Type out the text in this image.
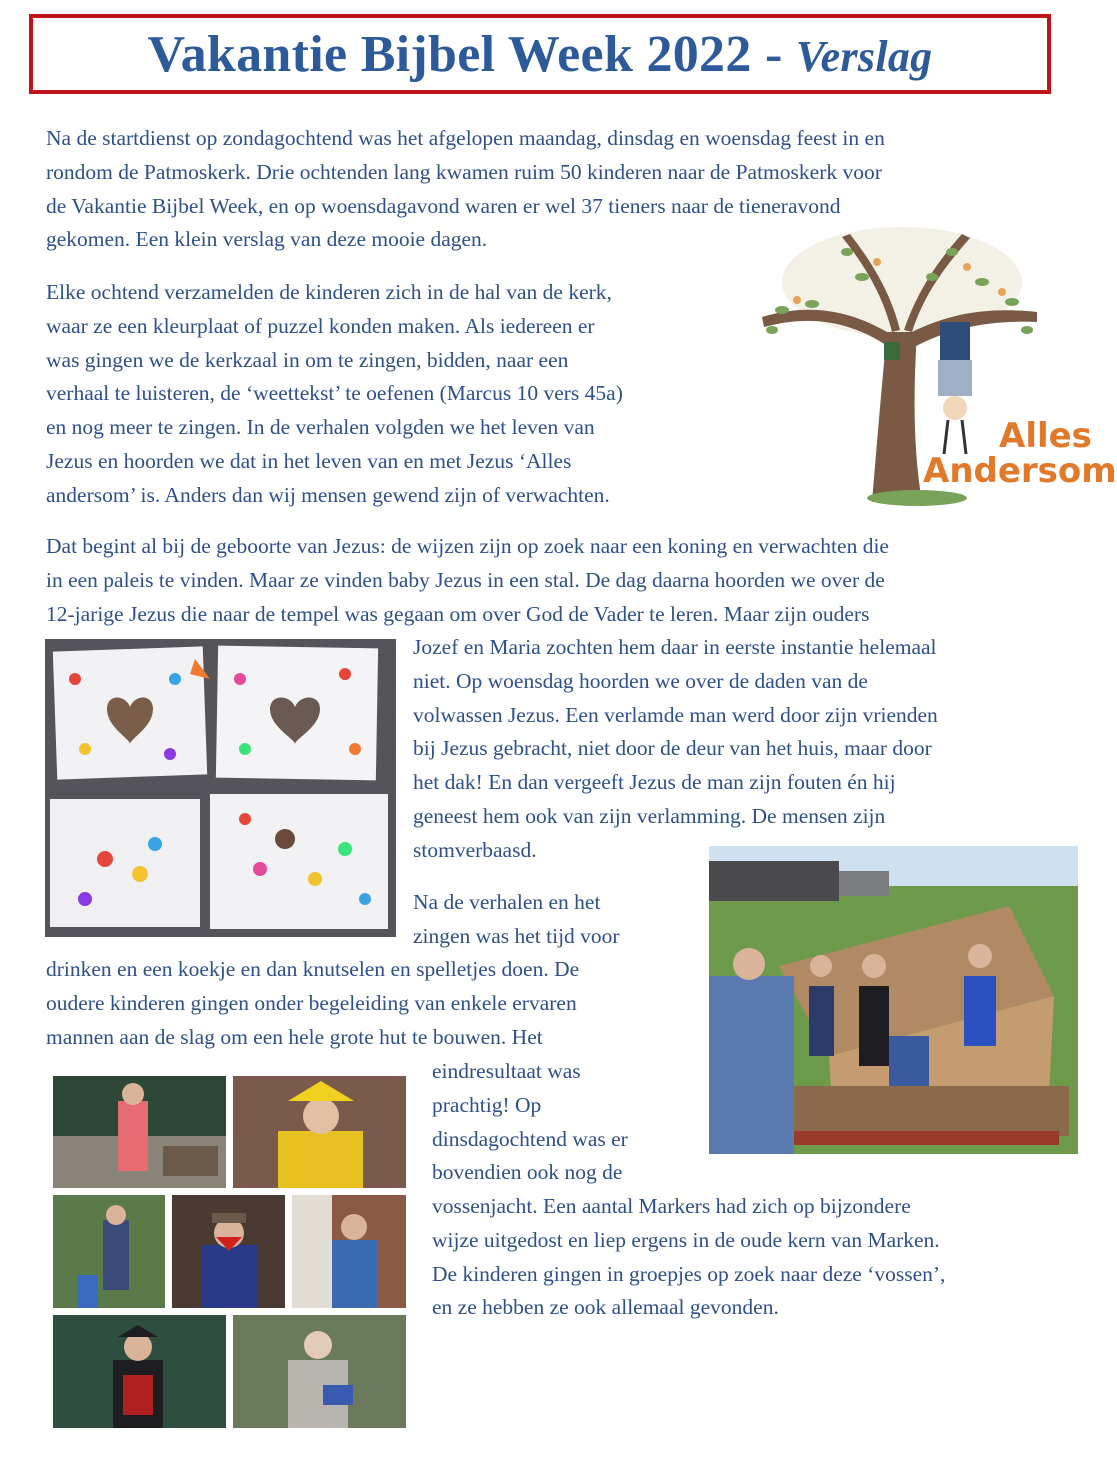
Vakantie Bijbel Week 2022 - Verslag

Na de startdienst op zondagochtend was het afgelopen maandag, dinsdag en woensdag feest in en

rondom de Patmoskerk. Drie ochtenden lang kwamen ruim 50 kinderen naar de Patmoskerk voor

de Vakantie Bijbel Week, en op woensdagavond waren er wel 37 tieners naar de tieneravond

gekomen. Een klein verslag van deze mooie dagen.

Elke ochtend verzamelden de kinderen zich in de hal van de kerk,

waar ze een kleurplaat of puzzel konden maken. Als iedereen er

was gingen we de kerkzaal in om te zingen, bidden, naar een

verhaal te luisteren, de ‘weettekst’ te oefenen (Marcus 10 vers 45a)

en nog meer te zingen. In de verhalen volgden we het leven van

Jezus en hoorden we dat in het leven van en met Jezus ‘Alles

andersom’ is. Anders dan wij mensen gewend zijn of verwachten.

Alles
Andersom

Dat begint al bij de geboorte van Jezus: de wijzen zijn op zoek naar een koning en verwachten die

in een paleis te vinden. Maar ze vinden baby Jezus in een stal. De dag daarna hoorden we over de

12-jarige Jezus die naar de tempel was gegaan om over God de Vader te leren. Maar zijn ouders

Jozef en Maria zochten hem daar in eerste instantie helemaal

niet. Op woensdag hoorden we over de daden van de

volwassen Jezus. Een verlamde man werd door zijn vrienden

bij Jezus gebracht, niet door de deur van het huis, maar door

het dak! En dan vergeeft Jezus de man zijn fouten én hij

geneest hem ook van zijn verlamming. De mensen zijn

stomverbaasd.

Na de verhalen en het

zingen was het tijd voor

drinken en een koekje en dan knutselen en spelletjes doen. De

oudere kinderen gingen onder begeleiding van enkele ervaren

mannen aan de slag om een hele grote hut te bouwen. Het

eindresultaat was

prachtig! Op

dinsdagochtend was er

bovendien ook nog de

vossenjacht. Een aantal Markers had zich op bijzondere

wijze uitgedost en liep ergens in de oude kern van Marken.

De kinderen gingen in groepjes op zoek naar deze ‘vossen’,

en ze hebben ze ook allemaal gevonden.
